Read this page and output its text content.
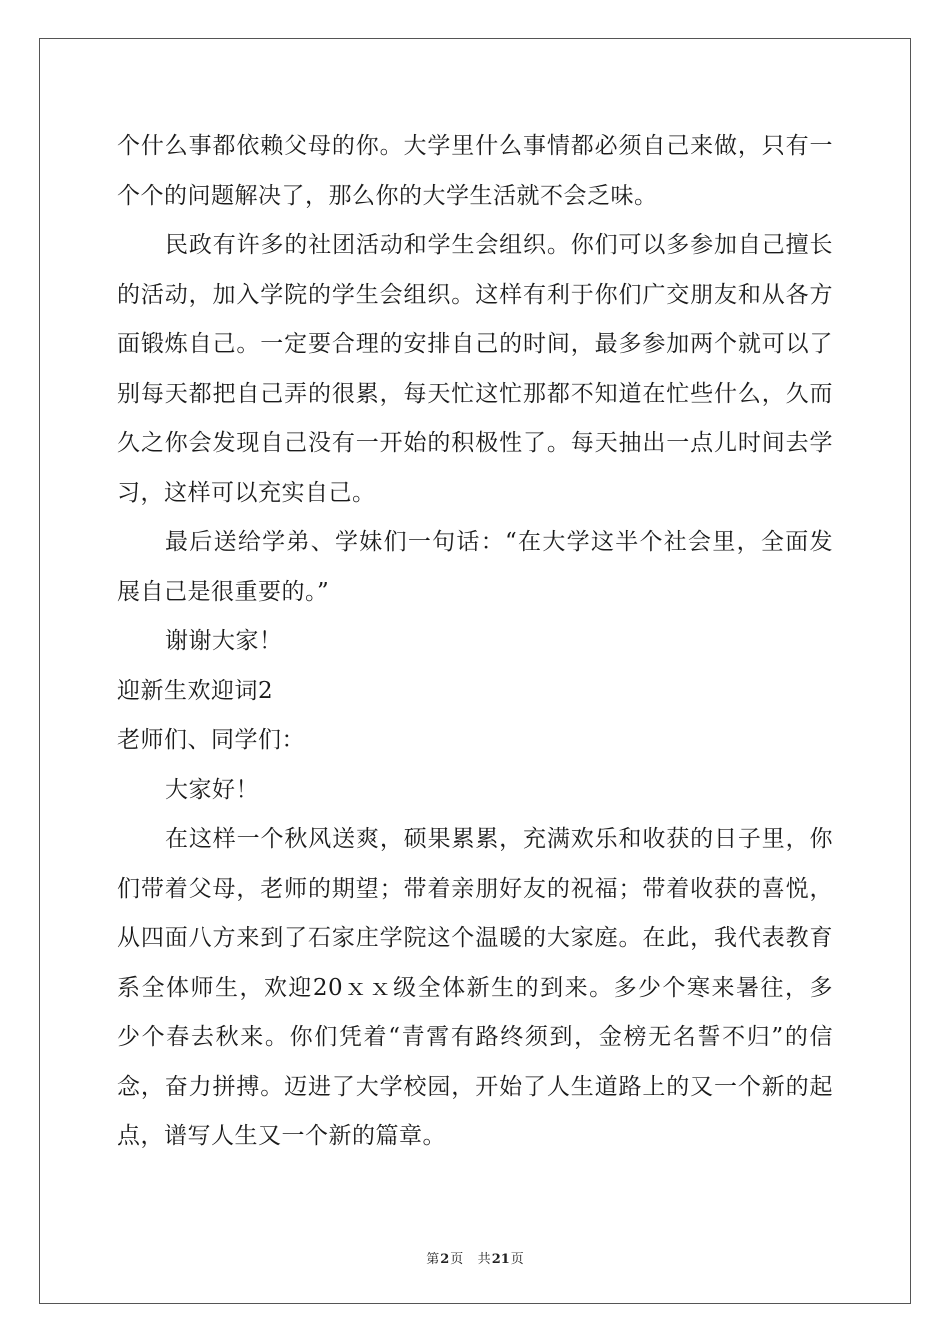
个什么事都依赖父母的你。大学里什么事情都必须自己来做，只有一
个个的问题解决了，那么你的大学生活就不会乏味。
民政有许多的社团活动和学生会组织。你们可以多参加自己擅长
的活动，加入学院的学生会组织。这样有利于你们广交朋友和从各方
面锻炼自己。一定要合理的安排自己的时间，最多参加两个就可以了
别每天都把自己弄的很累，每天忙这忙那都不知道在忙些什么，久而
久之你会发现自己没有一开始的积极性了。每天抽出一点儿时间去学
习，这样可以充实自己。
最后送给学弟、学妹们一句话：“在大学这半个社会里，全面发
展自己是很重要的。”
谢谢大家！
迎新生欢迎词2
老师们、同学们：
大家好！
在这样一个秋风送爽，硕果累累，充满欢乐和收获的日子里，你
们带着父母，老师的期望；带着亲朋好友的祝福；带着收获的喜悦，
从四面八方来到了石家庄学院这个温暖的大家庭。在此，我代表教育
系全体师生，欢迎20ｘｘ级全体新生的到来。多少个寒来暑往，多
少个春去秋来。你们凭着“青霄有路终须到，金榜无名誓不归”的信
念，奋力拼搏。迈进了大学校园，开始了人生道路上的又一个新的起
点，谱写人生又一个新的篇章。
第2页 共21页
